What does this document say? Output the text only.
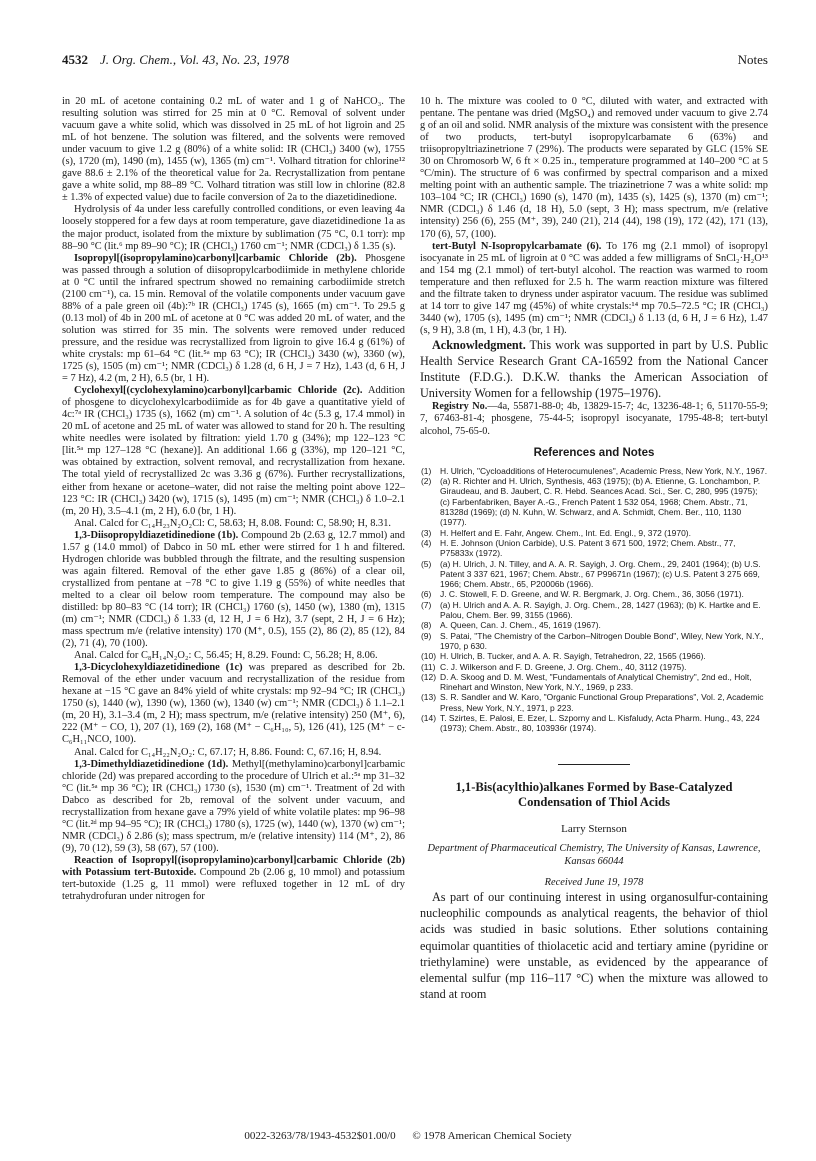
4532 J. Org. Chem., Vol. 43, No. 23, 1978	Notes

in 20 mL of acetone containing 0.2 mL of water and 1 g of NaHCO₃. The resulting solution was stirred for 25 min at 0 °C. Removal of solvent under vacuum gave a white solid, which was dissolved in 25 mL of hot ligroin and 25 mL of hot benzene. The solution was filtered, and the solvents were removed under vacuum to give 1.2 g (80%) of a white solid: IR (CHCl₃) 3400 (w), 1755 (s), 1720 (m), 1490 (m), 1455 (w), 1365 (m) cm⁻¹. Volhard titration for chlorine¹² gave 88.6 ± 2.1% of the theoretical value for 2a. Recrystallization from pentane gave a white solid, mp 88–89 °C. Volhard titration was still low in chlorine (82.8 ± 1.3% of expected value) due to facile conversion of 2a to the diazetidinedione.

Hydrolysis of 4a under less carefully controlled conditions, or even leaving 4a loosely stoppered for a few days at room temperature, gave diazetidinedione 1a as the major product, isolated from the mixture by sublimation (75 °C, 0.1 torr): mp 88–90 °C (lit.⁶ mp 89–90 °C); IR (CHCl₃) 1760 cm⁻¹; NMR (CDCl₃) δ 1.35 (s).

Isopropyl[(isopropylamino)carbonyl]carbamic Chloride (2b). Phosgene was passed through a solution of diisopropylcarbodiimide in methylene chloride at 0 °C until the infrared spectrum showed no remaining carbodiimide stretch (2100 cm⁻¹), ca. 15 min. Removal of the volatile components under vacuum gave 88% of a pale green oil (4b):⁷ᵇ IR (CHCl₃) 1745 (s), 1665 (m) cm⁻¹. To 29.5 g (0.13 mol) of 4b in 200 mL of acetone at 0 °C was added 20 mL of water, and the solution was stirred for 35 min. The solvents were removed under reduced pressure, and the residue was recrystallized from ligroin to give 16.4 g (61%) of white crystals: mp 61–64 °C (lit.⁵ᵃ mp 63 °C); IR (CHCl₃) 3430 (w), 3360 (w), 1725 (s), 1505 (m) cm⁻¹; NMR (CDCl₃) δ 1.28 (d, 6 H, J = 7 Hz), 1.43 (d, 6 H, J = 7 Hz), 4.2 (m, 2 H), 6.5 (br, 1 H).

Cyclohexyl[(cyclohexylamino)carbonyl]carbamic Chloride (2c). Addition of phosgene to dicyclohexylcarbodiimide as for 4b gave a quantitative yield of 4c:⁷ᵃ IR (CHCl₃) 1735 (s), 1662 (m) cm⁻¹. A solution of 4c (5.3 g, 17.4 mmol) in 20 mL of acetone and 25 mL of water was allowed to stand for 20 h. The resulting white needles were isolated by filtration: yield 1.70 g (34%); mp 122–123 °C [lit.⁵ᵃ mp 127–128 °C (hexane)]. An additional 1.66 g (33%), mp 120–121 °C, was obtained by extraction, solvent removal, and recrystallization from hexane. The total yield of recrystallized 2c was 3.36 g (67%). Further recrystallizations, either from hexane or acetone–water, did not raise the melting point above 122–123 °C: IR (CHCl₃) 3420 (w), 1715 (s), 1495 (m) cm⁻¹; NMR (CHCl₃) δ 1.0–2.1 (m, 20 H), 3.5–4.1 (m, 2 H), 6.0 (br, 1 H).

Anal. Calcd for C₁₄H₂₃N₂O₂Cl: C, 58.63; H, 8.08. Found: C, 58.90; H, 8.31.

1,3-Diisopropyldiazetidinedione (1b). Compound 2b (2.63 g, 12.7 mmol) and 1.57 g (14.0 mmol) of Dabco in 50 mL ether were stirred for 1 h and filtered. Hydrogen chloride was bubbled through the filtrate, and the resulting suspension was again filtered. Removal of the ether gave 1.85 g (86%) of a clear oil, crystallized from pentane at −78 °C to give 1.19 g (55%) of white needles that melted to a clear oil below room temperature. The compound may also be distilled: bp 80–83 °C (14 torr); IR (CHCl₃) 1760 (s), 1450 (w), 1380 (m), 1315 (m) cm⁻¹; NMR (CDCl₃) δ 1.33 (d, 12 H, J = 6 Hz), 3.7 (sept, 2 H, J = 6 Hz); mass spectrum m/e (relative intensity) 170 (M⁺, 0.5), 155 (2), 86 (2), 85 (12), 84 (2), 71 (4), 70 (100).

Anal. Calcd for C₈H₁₄N₂O₂: C, 56.45; H, 8.29. Found: C, 56.28; H, 8.06.

1,3-Dicyclohexyldiazetidinedione (1c) was prepared as described for 2b. Removal of the ether under vacuum and recrystallization of the residue from hexane at −15 °C gave an 84% yield of white crystals: mp 92–94 °C; IR (CHCl₃) 1750 (s), 1440 (w), 1390 (w), 1360 (w), 1340 (w) cm⁻¹; NMR (CDCl₃) δ 1.1–2.1 (m, 20 H), 3.1–3.4 (m, 2 H); mass spectrum, m/e (relative intensity) 250 (M⁺, 6), 222 (M⁺ − CO, 1), 207 (1), 169 (2), 168 (M⁺ − C₆H₁₀, 5), 126 (41), 125 (M⁺ − c-C₆H₁₁NCO, 100).

Anal. Calcd for C₁₄H₂₂N₂O₂: C, 67.17; H, 8.86. Found: C, 67.16; H, 8.94.

1,3-Dimethyldiazetidinedione (1d). Methyl[(methylamino)carbonyl]carbamic chloride (2d) was prepared according to the procedure of Ulrich et al.:⁵ᵃ mp 31–32 °C (lit.⁵ᵃ mp 36 °C); IR (CHCl₃) 1730 (s), 1530 (m) cm⁻¹. Treatment of 2d with Dabco as described for 2b, removal of the solvent under vacuum, and recrystallization from hexane gave a 79% yield of white volatile plates: mp 96–98 °C (lit.²ᵈ mp 94–95 °C); IR (CHCl₃) 1780 (s), 1725 (w), 1440 (w), 1370 (w) cm⁻¹; NMR (CDCl₃) δ 2.86 (s); mass spectrum, m/e (relative intensity) 114 (M⁺, 2), 86 (9), 70 (12), 59 (3), 58 (67), 57 (100).

Reaction of Isopropyl[(isopropylamino)carbonyl]carbamic Chloride (2b) with Potassium tert-Butoxide. Compound 2b (2.06 g, 10 mmol) and potassium tert-butoxide (1.25 g, 11 mmol) were refluxed together in 12 mL of dry tetrahydrofuran under nitrogen for

10 h. The mixture was cooled to 0 °C, diluted with water, and extracted with pentane. The pentane was dried (MgSO₄) and removed under vacuum to give 2.74 g of an oil and solid. NMR analysis of the mixture was consistent with the presence of two products, tert-butyl isopropylcarbamate 6 (63%) and triisopropyltriazinetrione 7 (29%). The products were separated by GLC (15% SE 30 on Chromosorb W, 6 ft × 0.25 in., temperature programmed at 140–200 °C at 5 °C/min). The structure of 6 was confirmed by spectral comparison and a mixed melting point with an authentic sample. The triazinetrione 7 was a white solid: mp 103–104 °C; IR (CHCl₃) 1690 (s), 1470 (m), 1435 (s), 1425 (s), 1370 (m) cm⁻¹; NMR (CDCl₃) δ 1.46 (d, 18 H), 5.0 (sept, 3 H); mass spectrum, m/e (relative intensity) 256 (6), 255 (M⁺, 39), 240 (21), 214 (44), 198 (19), 172 (42), 171 (13), 170 (6), 57, (100).

tert-Butyl N-Isopropylcarbamate (6). To 176 mg (2.1 mmol) of isopropyl isocyanate in 25 mL of ligroin at 0 °C was added a few milligrams of SnCl₂·H₂O¹³ and 154 mg (2.1 mmol) of tert-butyl alcohol. The reaction was warmed to room temperature and then refluxed for 2.5 h. The warm reaction mixture was filtered and the filtrate taken to dryness under aspirator vacuum. The residue was sublimed at 14 torr to give 147 mg (45%) of white crystals:¹⁴ mp 70.5–72.5 °C; IR (CHCl₃) 3440 (w), 1705 (s), 1495 (m) cm⁻¹; NMR (CDCl₃) δ 1.13 (d, 6 H, J = 6 Hz), 1.47 (s, 9 H), 3.8 (m, 1 H), 4.3 (br, 1 H).

Acknowledgment. This work was supported in part by U.S. Public Health Service Research Grant CA-16592 from the National Cancer Institute (F.D.G.). D.K.W. thanks the American Association of University Women for a fellowship (1975–1976).

Registry No.—4a, 55871-88-0; 4b, 13829-15-7; 4c, 13236-48-1; 6, 51170-55-9; 7, 67463-81-4; phosgene, 75-44-5; isopropyl isocyanate, 1795-48-8; tert-butyl alcohol, 75-65-0.

References and Notes
(1)	H. Ulrich, "Cycloadditions of Heterocumulenes", Academic Press, New York, N.Y., 1967.
(2)	(a) R. Richter and H. Ulrich, Synthesis, 463 (1975); (b) A. Etienne, G. Lonchambon, P. Giraudeau, and B. Jaubert, C. R. Hebd. Seances Acad. Sci., Ser. C, 280, 995 (1975); (c) Farbenfabriken, Bayer A.-G., French Patent 1 532 054, 1968; Chem. Abstr., 71, 81328d (1969); (d) N. Kuhn, W. Schwarz, and A. Schmidt, Chem. Ber., 110, 1130 (1977).
(3)	H. Helfert and E. Fahr, Angew. Chem., Int. Ed. Engl., 9, 372 (1970).
(4)	H. E. Johnson (Union Carbide), U.S. Patent 3 671 500, 1972; Chem. Abstr., 77, P75833x (1972).
(5)	(a) H. Ulrich, J. N. Tilley, and A. A. R. Sayigh, J. Org. Chem., 29, 2401 (1964); (b) U.S. Patent 3 337 621, 1967; Chem. Abstr., 67 P99671n (1967); (c) U.S. Patent 3 275 669, 1966; Chem. Abstr., 65, P20006b (1966).
(6)	J. C. Stowell, F. D. Greene, and W. R. Bergmark, J. Org. Chem., 36, 3056 (1971).
(7)	(a) H. Ulrich and A. A. R. Sayigh, J. Org. Chem., 28, 1427 (1963); (b) K. Hartke and E. Palou, Chem. Ber. 99, 3155 (1966).
(8)	A. Queen, Can. J. Chem., 45, 1619 (1967).
(9)	S. Patai, "The Chemistry of the Carbon–Nitrogen Double Bond", Wiley, New York, N.Y., 1970, p 630.
(10) H. Ulrich, B. Tucker, and A. A. R. Sayigh, Tetrahedron, 22, 1565 (1966).
(11) C. J. Wilkerson and F. D. Greene, J. Org. Chem., 40, 3112 (1975).
(12) D. A. Skoog and D. M. West, "Fundamentals of Analytical Chemistry", 2nd ed., Holt, Rinehart and Winston, New York, N.Y., 1969, p 233.
(13) S. R. Sandler and W. Karo, "Organic Functional Group Preparations", Vol. 2, Academic Press, New York, N.Y., 1971, p 223.
(14) T. Szirtes, E. Palosi, E. Ezer, L. Szporny and L. Kisfaludy, Acta Pharm. Hung., 43, 224 (1973); Chem. Abstr., 80, 103936r (1974).
1,1-Bis(acylthio)alkanes Formed by Base-Catalyzed Condensation of Thiol Acids
Larry Sternson
Department of Pharmaceutical Chemistry, The University of Kansas, Lawrence, Kansas 66044
Received June 19, 1978

As part of our continuing interest in using organosulfur-containing nucleophilic compounds as analytical reagents, the behavior of thiol acids was studied in basic solutions. Ether solutions containing equimolar quantities of thiolacetic acid and tertiary amine (pyridine or triethylamine) were unstable, as evidenced by the appearance of elemental sulfur (mp 116–117 °C) when the mixture was allowed to stand at room

0022-3263/78/1943-4532$01.00/0 © 1978 American Chemical Society
